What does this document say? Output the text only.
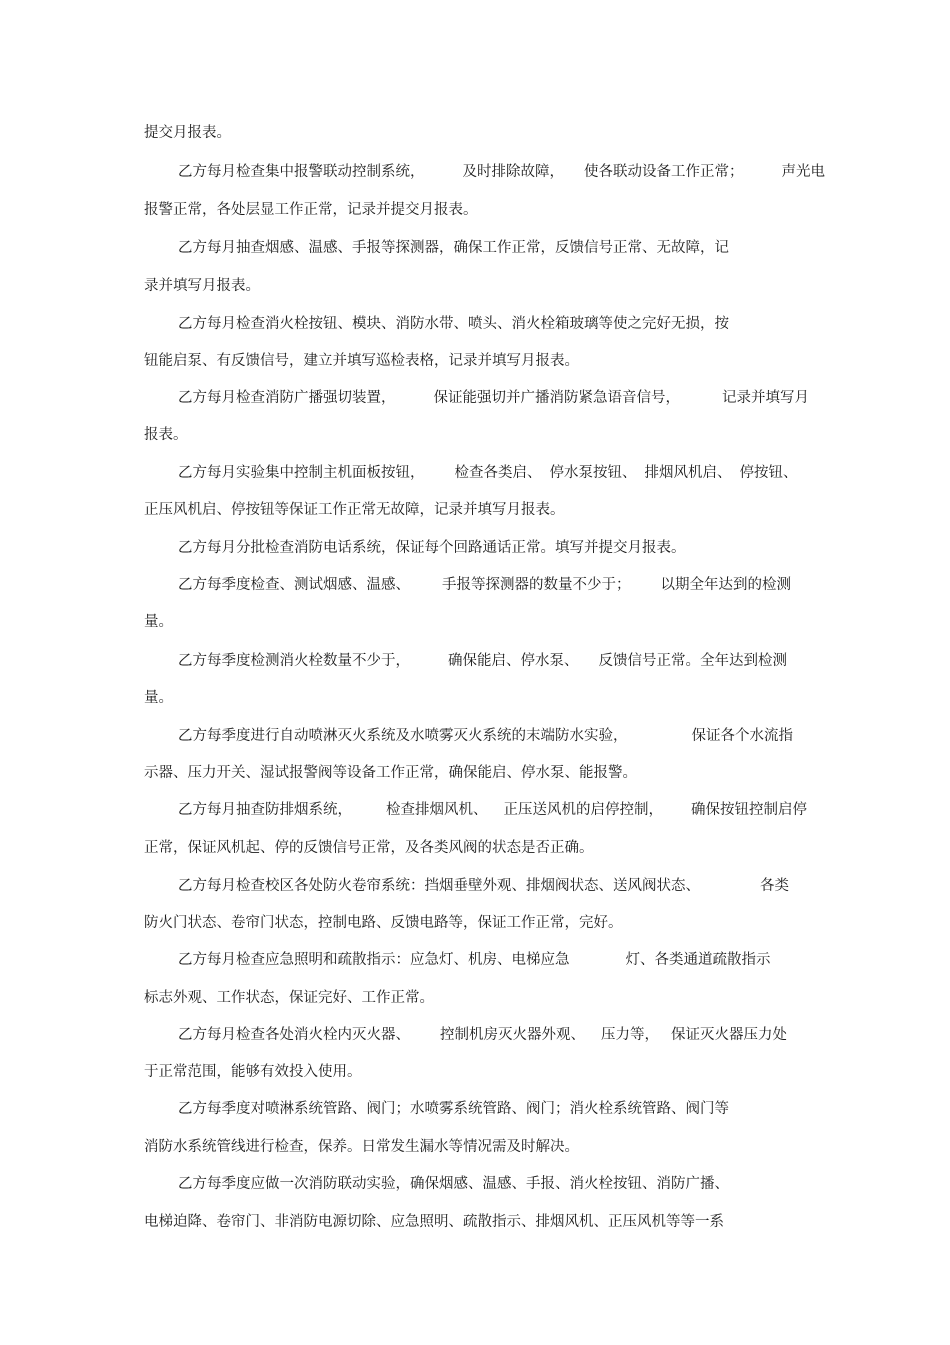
提交月报表。
乙方每月检查集中报警联动控制系统，	及时排除故障， 使各联动设备工作正常；	声光电
报警正常，各处层显工作正常，记录并提交月报表。
乙方每月抽查烟感、温感、手报等探测器，确保工作正常，反馈信号正常、无故障，记
录并填写月报表。
乙方每月检查消火栓按钮、模块、消防水带、喷头、消火栓箱玻璃等使之完好无损，按
钮能启泵、有反馈信号，建立并填写巡检表格，记录并填写月报表。
乙方每月检查消防广播强切装置，	保证能强切并广播消防紧急语音信号，	记录并填写月
报表。
乙方每月实验集中控制主机面板按钮， 检查各类启、 停水泵按钮、 排烟风机启、 停按钮、
正压风机启、停按钮等保证工作正常无故障，记录并填写月报表。
乙方每月分批检查消防电话系统，保证每个回路通话正常。填写并提交月报表。
乙方每季度检查、测试烟感、温感、 手报等探测器的数量不少于； 以期全年达到的检测
量。
乙方每季度检测消火栓数量不少于，	确保能启、停水泵、 反馈信号正常。全年达到检测
量。
乙方每季度进行自动喷淋灭火系统及水喷雾灭火系统的末端防水实验，	保证各个水流指
示器、压力开关、湿试报警阀等设备工作正常，确保能启、停水泵、能报警。
乙方每月抽查防排烟系统， 检查排烟风机、 正压送风机的启停控制， 确保按钮控制启停
正常，保证风机起、停的反馈信号正常，及各类风阀的状态是否正确。
乙方每月检查校区各处防火卷帘系统：挡烟垂壁外观、排烟阀状态、送风阀状态、	各类
防火门状态、卷帘门状态，控制电路、反馈电路等，保证工作正常，完好。
乙方每月检查应急照明和疏散指示：应急灯、机房、电梯应急	灯、各类通道疏散指示
标志外观、工作状态，保证完好、工作正常。
乙方每月检查各处消火栓内灭火器、 控制机房灭火器外观、 压力等， 保证灭火器压力处
于正常范围，能够有效投入使用。
乙方每季度对喷淋系统管路、阀门；水喷雾系统管路、阀门；消火栓系统管路、阀门等
消防水系统管线进行检查，保养。日常发生漏水等情况需及时解决。
乙方每季度应做一次消防联动实验，确保烟感、温感、手报、消火栓按钮、消防广播、
电梯迫降、卷帘门、非消防电源切除、应急照明、疏散指示、排烟风机、正压风机等等一系
